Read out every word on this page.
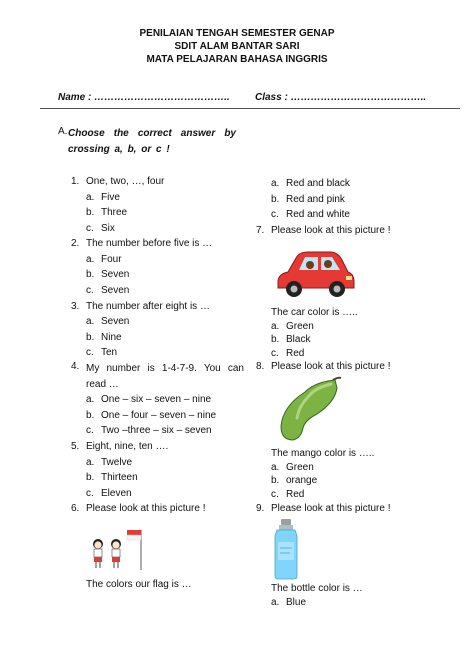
PENILAIAN TENGAH SEMESTER GENAP
SDIT ALAM BANTAR SARI
MATA PELAJARAN BAHASA INGGRIS
Name : …………………………………..	Class : …………………………………..
A. Choose the correct answer by crossing a, b, or c !
1. One, two, …, four
a. Five
b. Three
c. Six
2. The number before five is …
a. Four
b. Seven
c. Seven
3. The number after eight is …
a. Seven
b. Nine
c. Ten
4. My number is 1-4-7-9. You can read …
a. One – six – seven – nine
b. One – four – seven – nine
c. Two –three – six – seven
5. Eight, nine, ten ….
a. Twelve
b. Thirteen
c. Eleven
6. Please look at this picture !
The colors our flag is …
a. Red and black
b. Red and pink
c. Red and white
7. Please look at this picture !
The car color is …..
a. Green
b. Black
c. Red
8. Please look at this picture !
The mango color is …..
a. Green
b. orange
c. Red
9. Please look at this picture !
The bottle color is …
a. Blue
